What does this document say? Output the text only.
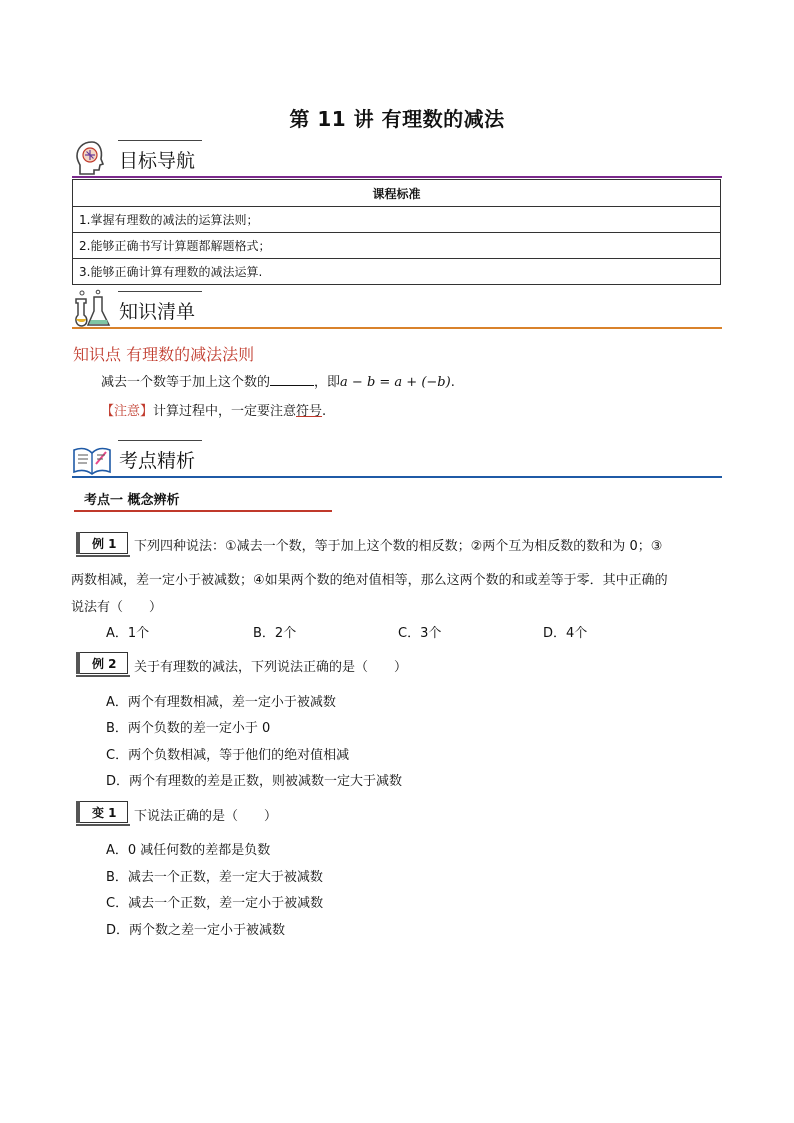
第 11 讲 有理数的减法
目标导航
课程标准
1.掌握有理数的减法的运算法则；
2.能够正确书写计算题都解题格式；
3.能够正确计算有理数的减法运算.
知识清单
知识点 有理数的减法法则
减去一个数等于加上这个数的	，即a − b = a + (−b).
【注意】计算过程中，一定要注意符号.
考点精析
考点一 概念辨析
例 1 下列四种说法：①减去一个数，等于加上这个数的相反数；②两个互为相反数的数和为 0；③
两数相减，差一定小于被减数；④如果两个数的绝对值相等，那么这两个数的和或差等于零．其中正确的
说法有（　　）
A．1个	B．2个	C．3个	D．4个
例 2 关于有理数的减法，下列说法正确的是（　　）
A．两个有理数相减，差一定小于被减数
B．两个负数的差一定小于 0
C．两个负数相减，等于他们的绝对值相减
D．两个有理数的差是正数，则被减数一定大于减数
变 1 下说法正确的是（　　）
A．0 减任何数的差都是负数
B．减去一个正数，差一定大于被减数
C．减去一个正数，差一定小于被减数
D．两个数之差一定小于被减数
